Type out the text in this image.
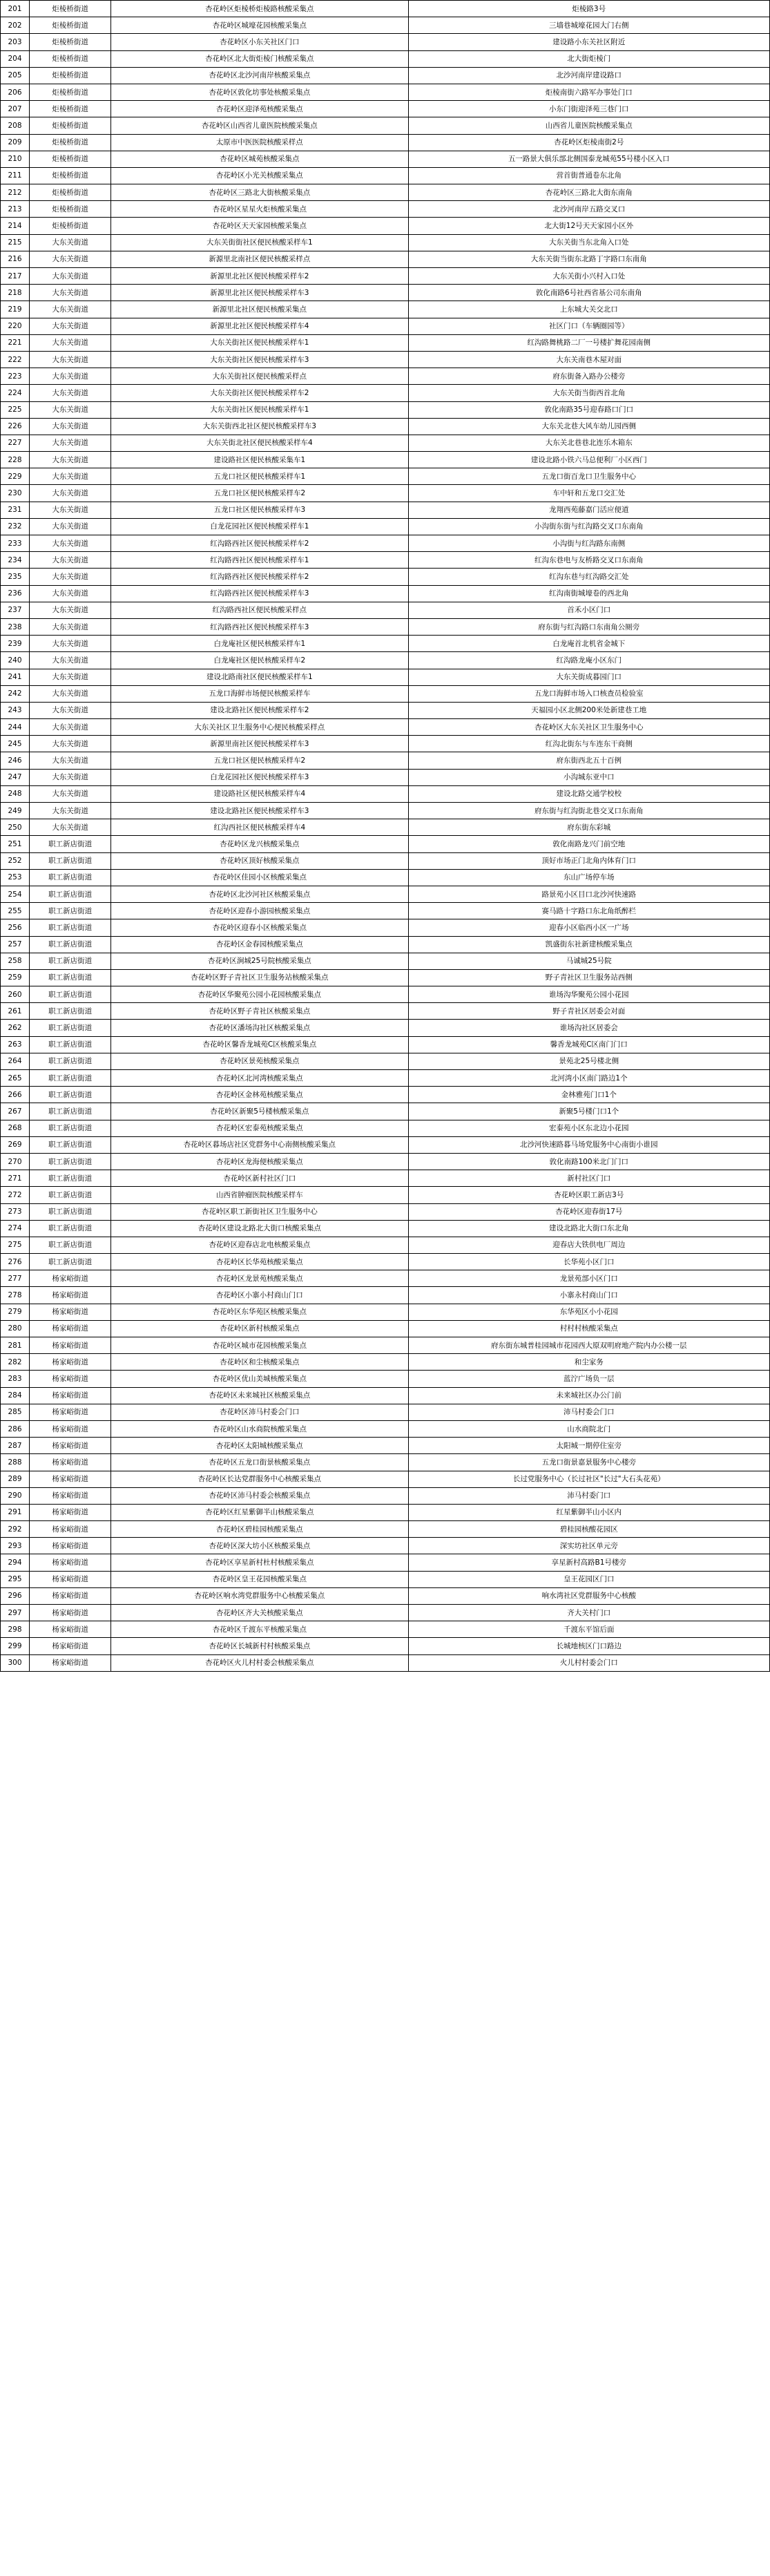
201	炬棱桥街道	杏花岭区炬棱桥炬棱路核酸采集点	炬棱路3号
202	炬棱桥街道	杏花岭区城壕花园核酸采集点	三墙巷城壕花园大门右侧
203	炬棱桥街道	杏花岭区小东关社区门口	建设路小东关社区附近
204	炬棱桥街道	杏花岭区北大街炬棱门核酸采集点	北大街炬棱门
205	炬棱桥街道	杏花岭区北沙河南岸核酸采集点	北沙河南岸建设路口
206	炬棱桥街道	杏花岭区敦化坊事处核酸采集点	炬棱南街六路军办事处门口
207	炬棱桥街道	杏花岭区迎泽苑核酸采集点	小东门街迎泽苑三巷门口
208	炬棱桥街道	杏花岭区山西省儿童医院核酸采集点	山西省儿童医院核酸采集点
209	炬棱桥街道	太原市中医医院核酸采样点	杏花岭区炬棱南街2号
210	炬棱桥街道	杏花岭区城苑核酸采集点	五一路景大俱乐部北侧国泰龙城苑55号楼小区入口
211	炬棱桥街道	杏花岭区小光关核酸采集点	营首街普通卷东北角
212	炬棱桥街道	杏花岭区三路北大街核酸采集点	杏花岭区三路北大街东南角
213	炬棱桥街道	杏花岭区星星火炬核酸采集点	北沙河南岸五路交叉口
214	炬棱桥街道	杏花岭区天天家园核酸采集点	北大街12号天天家园小区外
215	大东关街道	大东关街街社区便民核酸采样车1	大东关街当东北角入口处
216	大东关街道	新源里北南社区便民核酸采样点	大东关街当街东北路丁字路口东南角
217	大东关街道	新源里北社区便民核酸采样车2	大东关街小兴村入口处
218	大东关街道	新源里北社区便民核酸采样车3	敦化南路6号社西省基公司东南角
219	大东关街道	新源里北社区便民核酸采集点	上东城大关交北口
220	大东关街道	新源里北社区便民核酸采样车4	社区门口（车辆圈园等）
221	大东关街道	大东关街社区便民核酸采样车1	红沟路舞桃路二厂一号楼扩舞花园南侧
222	大东关街道	大东关街社区便民核酸采样车3	大东关南巷木屋对面
223	大东关街道	大东关街社区便民核酸采样点	府东街备入路办公楼旁
224	大东关街道	大东关街社区便民核酸采样车2	大东关街当街西首北角
225	大东关街道	大东关街社区便民核酸采样车1	敦化南路35号迎春路口门口
226	大东关街道	大东关街西北社区便民核酸采样车3	大东关北巷大风车幼儿园西侧
227	大东关街道	大东关街北社区便民核酸采样车4	大东关北巷巷北连乐木箱东
228	大东关街道	建设路社区便民核酸采集车1	建设北路小铁六马总便利厂小区西门
229	大东关街道	五龙口社区便民核酸采样车1	五龙口街百龙口卫生服务中心
230	大东关街道	五龙口社区便民核酸采样车2	车中轩和五龙口交汇处
231	大东关街道	五龙口社区便民核酸采样车3	龙翔西苑藤嘉门活应便道
232	大东关街道	白龙花园社区便民核酸采样车1	小沟街东街与红沟路交叉口东南角
233	大东关街道	红沟路西社区便民核酸采样车2	小沟街与红沟路东南侧
234	大东关街道	红沟路西社区便民核酸采样车1	红沟东巷电与友桥路交叉口东南角
235	大东关街道	红沟路西社区便民核酸采样车2	红沟东巷与红沟路交汇处
236	大东关街道	红沟路西社区便民核酸采样车3	红沟南街城壕卷的西北角
237	大东关街道	红沟路西社区便民核酸采样点	首禾小区门口
238	大东关街道	红沟路西社区便民核酸采样车3	府东街与红沟路口东南角公厕旁
239	大东关街道	白龙庵社区便民核酸采样车1	白龙庵首北机省金城下
240	大东关街道	白龙庵社区便民核酸采样车2	红沟路龙庵小区东门
241	大东关街道	建设北路南社区便民核酸采样车1	大东关街成暮园门口
242	大东关街道	五龙口海鲜市场便民核酸采样车	五龙口海鲜市场入口核查员检验室
243	大东关街道	建设北路社区便民核酸采样车2	天福园小区北侧200米处新建巷工地
244	大东关街道	大东关社区卫生服务中心便民核酸采样点	杏花岭区大东关社区卫生服务中心
245	大东关街道	新源里南社区便民核酸采样车3	红沟北街东与车连东干商侧
246	大东关街道	五龙口社区便民核酸采样车2	府东街西北五十百例
247	大东关街道	白龙花园社区便民核酸采样车3	小沟城东亚中口
248	大东关街道	建设路社区便民核酸采样车4	建设北路交通学校校
249	大东关街道	建设北路社区便民核酸采样车3	府东街与红沟街北巷交叉口东南角
250	大东关街道	红沟西社区便民核酸采样车4	府东街东彩城
251	职工新店街道	杏花岭区龙兴核酸采集点	敦化南路龙兴门前空地
252	职工新店街道	杏花岭区顶好核酸采集点	顶好市场正门北角内体育门口
253	职工新店街道	杏花岭区佳园小区核酸采集点	东山广场停车场
254	职工新店街道	杏花岭区北沙河社区核酸采集点	路景苑小区目口北沙河快速路
255	职工新店街道	杏花岭区迎春小游园核酸采集点	赛马路十字路口东北角纸醉栏
256	职工新店街道	杏花岭区迎春小区核酸采集点	迎春小区临西小区一广场
257	职工新店街道	杏花岭区金春园核酸采集点	凯盛街东社新建核酸采集点
258	职工新店街道	杏花岭区涧城25号院核酸采集点	马诚城25号院
259	职工新店街道	杏花岭区野子青社区卫生服务站核酸采集点	野子青社区卫生服务站西侧
260	职工新店街道	杏花岭区华聚苑公园小花园核酸采集点	谁场沟华聚苑公园小花园
261	职工新店街道	杏花岭区野子青社区核酸采集点	野子青社区居委会对面
262	职工新店街道	杏花岭区潘场沟社区核酸采集点	谁场沟社区居委会
263	职工新店街道	杏花岭区馨香龙城苑C区核酸采集点	馨香龙城苑C区南门门口
264	职工新店街道	杏花岭区景苑核酸采集点	景苑北25号楼北侧
265	职工新店街道	杏花岭区北河湾核酸采集点	北河湾小区南门路边1个
266	职工新店街道	杏花岭区金林苑核酸采集点	金林雅苑门口1个
267	职工新店街道	杏花岭区新聚5号楼核酸采集点	新聚5号楼门口1个
268	职工新店街道	杏花岭区宏泰苑核酸采集点	宏泰苑小区东北边小花园
269	职工新店街道	杏花岭区暮场店社区党群务中心南侧核酸采集点	北沙河快速路暮马场党服务中心南街小谁园
270	职工新店街道	杏花岭区龙海便核酸采集点	敦化南路100米北门门口
271	职工新店街道	杏花岭区新村社区门口	新村社区门口
272	职工新店街道	山西省肿瘤医院核酸采样车	杏花岭区职工新店3号
273	职工新店街道	杏花岭区职工新街社区卫生服务中心	杏花岭区迎春街17号
274	职工新店街道	杏花岭区建设北路北大街口核酸采集点	建设北路北大街口东北角
275	职工新店街道	杏花岭区迎春店北电核酸采集点	迎春店大铁供电厂周边
276	职工新店街道	杏花岭区长华苑核酸采集点	长华苑小区门口
277	杨家峪街道	杏花岭区龙景苑核酸采集点	龙景苑部小区门口
278	杨家峪街道	杏花岭区小寨小村商山门口	小寨永村商山门口
279	杨家峪街道	杏花岭区东华苑区核酸采集点	东华苑区小小花园
280	杨家峪街道	杏花岭区新村核酸采集点	村村村核酸采集点
281	杨家峪街道	杏花岭区城市花园核酸采集点	府东街东城普桂园城市花园西大原双明府地产院内办公楼一层
282	杨家峪街道	杏花岭区和尘核酸采集点	和尘家务
283	杨家峪街道	杏花岭区优山美城核酸采集点	蓝泞广场负一层
284	杨家峪街道	杏花岭区未来城社区核酸采集点	未来城社区办公门前
285	杨家峪街道	杏花岭区沛马村委会门口	沛马村委会门口
286	杨家峪街道	杏花岭区山水商院核酸采集点	山水商院北门
287	杨家峪街道	杏花岭区太阳城核酸采集点	太阳城一期停住室旁
288	杨家峪街道	杏花岭区五龙口街景核酸采集点	五龙口街景嘉景服务中心楼旁
289	杨家峪街道	杏花岭区长达党群服务中心核酸采集点	长过党服务中心（长过社区"长过"大石头花苑）
290	杨家峪街道	杏花岭区沛马村委会核酸采集点	沛马村委门口
291	杨家峪街道	杏花岭区红星紫御半山核酸采集点	红星紫御半山小区内
292	杨家峪街道	杏花岭区碧桂园核酸采集点	碧桂园核酸花园区
293	杨家峪街道	杏花岭区深大坊小区核酸采集点	深实坊社区单元旁
294	杨家峪街道	杏花岭区享星新村杜村核酸采集点	享星新村高路B1号楼旁
295	杨家峪街道	杏花岭区皇王花园核酸采集点	皇王花园区门口
296	杨家峪街道	杏花岭区响水湾党群服务中心核酸采集点	响水湾社区党群服务中心核酸
297	杨家峪街道	杏花岭区齐大关核酸采集点	齐大关村门口
298	杨家峪街道	杏花岭区千渡东平核酸采集点	千渡东平馆后面
299	杨家峪街道	杏花岭区长城新村村核酸采集点	长城地核区门口路边
300	杨家峪街道	杏花岭区火儿村村委会核酸采集点	火儿村村委会门口
